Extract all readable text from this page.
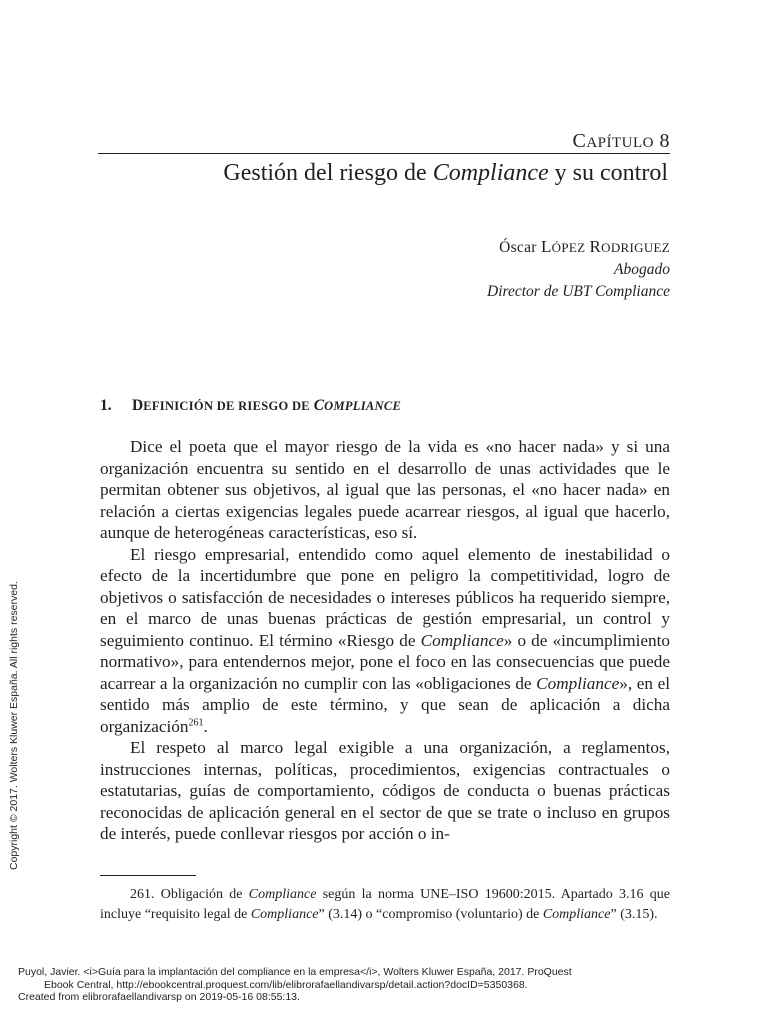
CAPÍTULO 8
Gestión del riesgo de Compliance y su control
Óscar LÓPEZ RODRIGUEZ
Abogado
Director de UBT Compliance
1. DEFINICIÓN DE RIESGO DE COMPLIANCE

Dice el poeta que el mayor riesgo de la vida es «no hacer nada» y si una organización encuentra su sentido en el desarrollo de unas actividades que le permitan obtener sus objetivos, al igual que las personas, el «no hacer nada» en relación a ciertas exigencias legales puede acarrear riesgos, al igual que hacerlo, aunque de heterogéneas características, eso sí.

El riesgo empresarial, entendido como aquel elemento de inestabilidad o efecto de la incertidumbre que pone en peligro la competitividad, logro de objetivos o satisfacción de necesidades o intereses públicos ha requerido siempre, en el marco de unas buenas prácticas de gestión empresarial, un control y seguimiento continuo. El término «Riesgo de Compliance» o de «incumplimiento normativo», para entendernos mejor, pone el foco en las consecuencias que puede acarrear a la organización no cumplir con las «obligaciones de Compliance», en el sentido más amplio de este término, y que sean de aplicación a dicha organización$^{261}$.

El respeto al marco legal exigible a una organización, a reglamentos, instrucciones internas, políticas, procedimientos, exigencias contractuales o estatutarias, guías de comportamiento, códigos de conducta o buenas prácticas reconocidas de aplicación general en el sector de que se trate o incluso en grupos de interés, puede conllevar riesgos por acción o in-

261. Obligación de Compliance según la norma UNE–ISO 19600:2015. Apartado 3.16 que incluye “requisito legal de Compliance” (3.14) o “compromiso (voluntario) de Compliance” (3.15).

Copyright © 2017. Wolters Kluwer España. All rights reserved.
Puyol, Javier. <i>Guía para la implantación del compliance en la empresa</i>, Wolters Kluwer España, 2017. ProQuest
Ebook Central, http://ebookcentral.proquest.com/lib/elibrorafaellandivarsp/detail.action?docID=5350368.
Created from elibrorafaellandivarsp on 2019-05-16 08:55:13.
